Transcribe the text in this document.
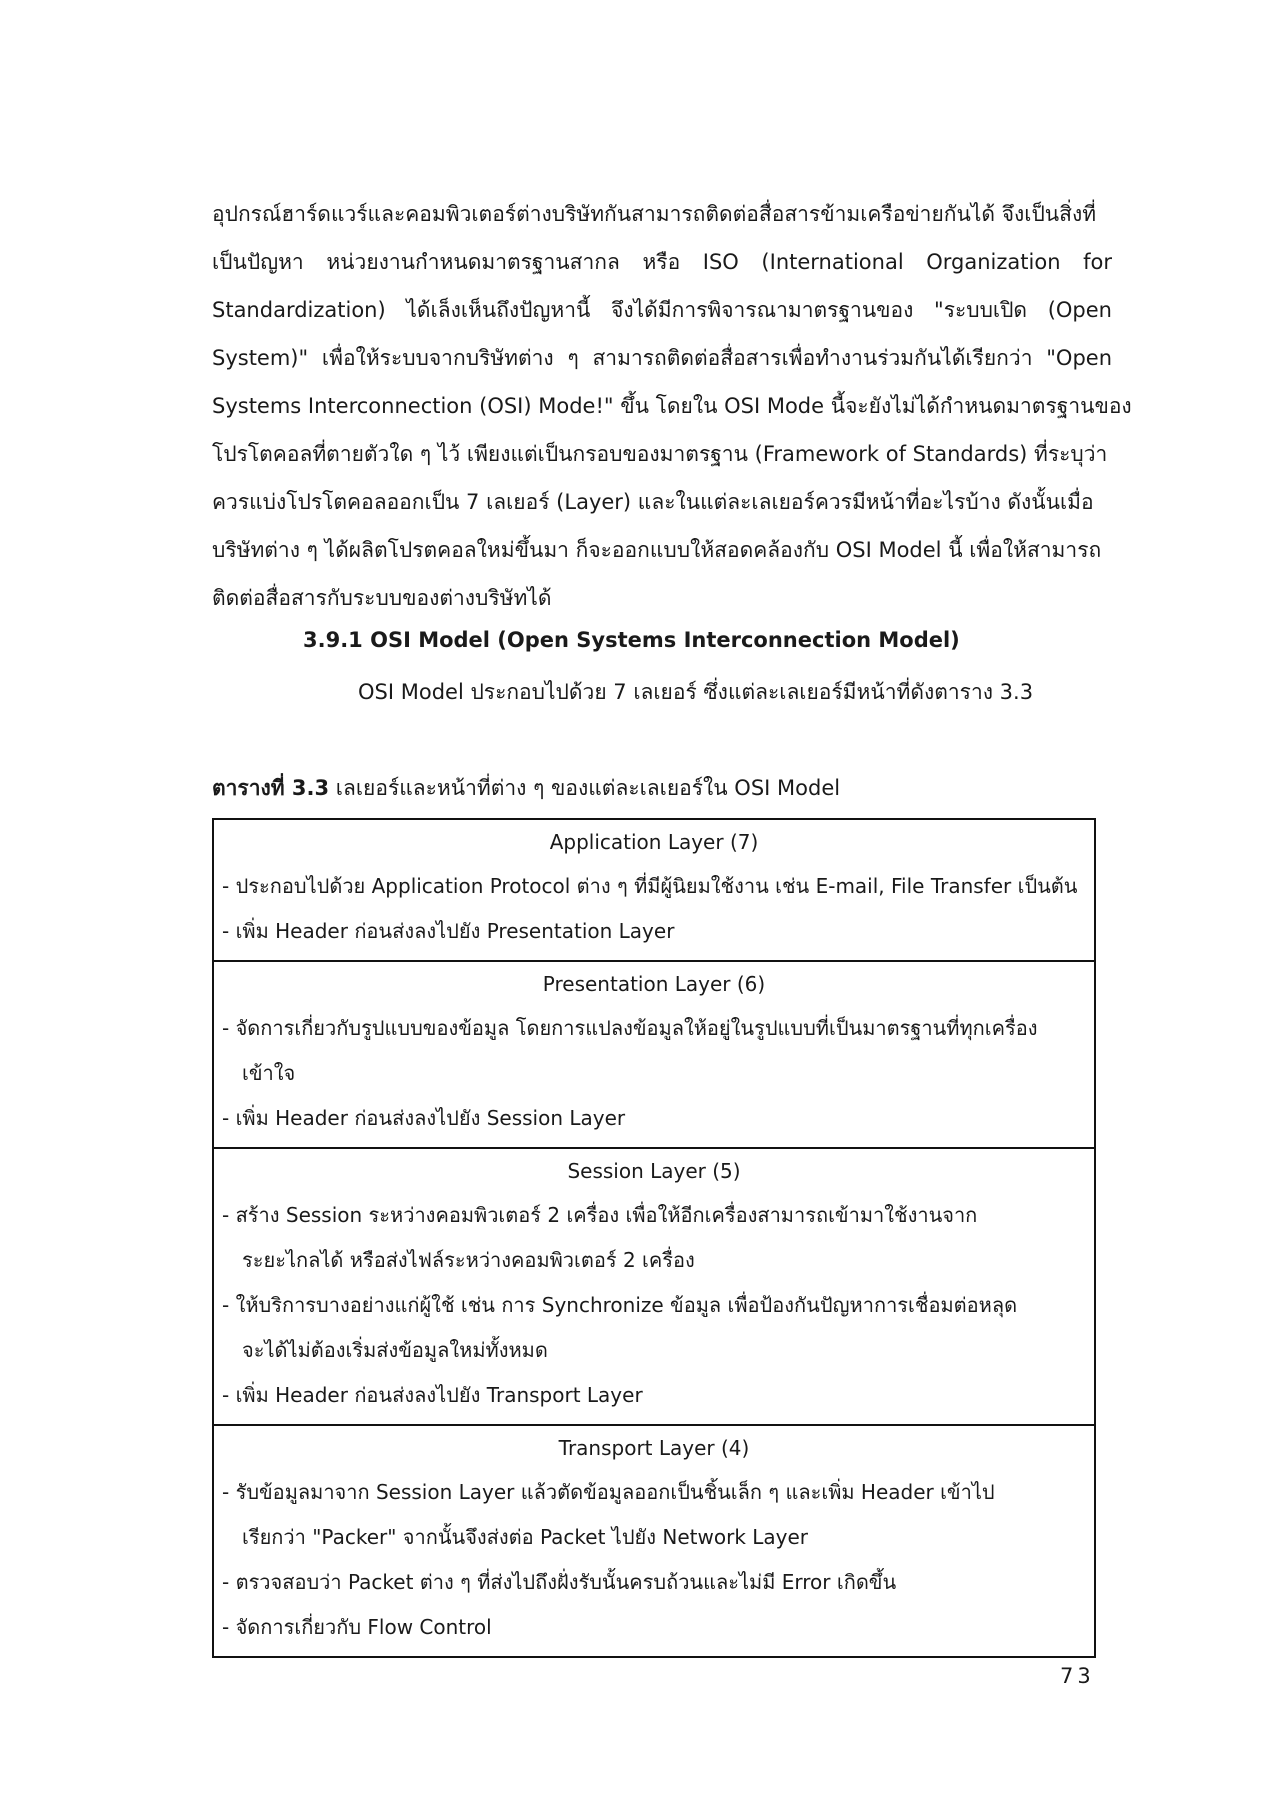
อุปกรณ์ฮาร์ดแวร์และคอมพิวเตอร์ต่างบริษัทกันสามารถติดต่อสื่อสารข้ามเครือข่ายกันได้ จึงเป็นสิ่งที่
เป็นปัญหา หน่วยงานกำหนดมาตรฐานสากล หรือ ISO (International Organization for
Standardization) ได้เล็งเห็นถึงปัญหานี้ จึงได้มีการพิจารณามาตรฐานของ "ระบบเปิด (Open
System)" เพื่อให้ระบบจากบริษัทต่าง ๆ สามารถติดต่อสื่อสารเพื่อทำงานร่วมกันได้เรียกว่า "Open
Systems Interconnection (OSI) Mode!" ขึ้น โดยใน OSI Mode นี้จะยังไม่ได้กำหนดมาตรฐานของ
โปรโตคอลที่ตายตัวใด ๆ ไว้ เพียงแต่เป็นกรอบของมาตรฐาน (Framework of Standards) ที่ระบุว่า
ควรแบ่งโปรโตคอลออกเป็น 7 เลเยอร์ (Layer) และในแต่ละเลเยอร์ควรมีหน้าที่อะไรบ้าง ดังนั้นเมื่อ
บริษัทต่าง ๆ ได้ผลิตโปรตคอลใหม่ขึ้นมา ก็จะออกแบบให้สอดคล้องกับ OSI Model นี้ เพื่อให้สามารถ
ติดต่อสื่อสารกับระบบของต่างบริษัทได้

3.9.1 OSI Model (Open Systems Interconnection Model)

OSI Model ประกอบไปด้วย 7 เลเยอร์ ซึ่งแต่ละเลเยอร์มีหน้าที่ดังตาราง 3.3

ตารางที่ 3.3 เลเยอร์และหน้าที่ต่าง ๆ ของแต่ละเลเยอร์ใน OSI Model

Application Layer (7)

- ประกอบไปด้วย Application Protocol ต่าง ๆ ที่มีผู้นิยมใช้งาน เช่น E-mail, File Transfer เป็นต้น

- เพิ่ม Header ก่อนส่งลงไปยัง Presentation Layer

Presentation Layer (6)

- จัดการเกี่ยวกับรูปแบบของข้อมูล โดยการแปลงข้อมูลให้อยู่ในรูปแบบที่เป็นมาตรฐานที่ทุกเครื่อง
เข้าใจ

- เพิ่ม Header ก่อนส่งลงไปยัง Session Layer

Session Layer (5)

- สร้าง Session ระหว่างคอมพิวเตอร์ 2 เครื่อง เพื่อให้อีกเครื่องสามารถเข้ามาใช้งานจาก
ระยะไกลได้ หรือส่งไฟล์ระหว่างคอมพิวเตอร์ 2 เครื่อง

- ให้บริการบางอย่างแก่ผู้ใช้ เช่น การ Synchronize ข้อมูล เพื่อป้องกันปัญหาการเชื่อมต่อหลุด
จะได้ไม่ต้องเริ่มส่งข้อมูลใหม่ทั้งหมด

- เพิ่ม Header ก่อนส่งลงไปยัง Transport Layer

Transport Layer (4)

- รับข้อมูลมาจาก Session Layer แล้วตัดข้อมูลออกเป็นชิ้นเล็ก ๆ และเพิ่ม Header เข้าไป
เรียกว่า "Packer" จากนั้นจึงส่งต่อ Packet ไปยัง Network Layer

- ตรวจสอบว่า Packet ต่าง ๆ ที่ส่งไปถึงฝั่งรับนั้นครบถ้วนและไม่มี Error เกิดขึ้น

- จัดการเกี่ยวกับ Flow Control

73
